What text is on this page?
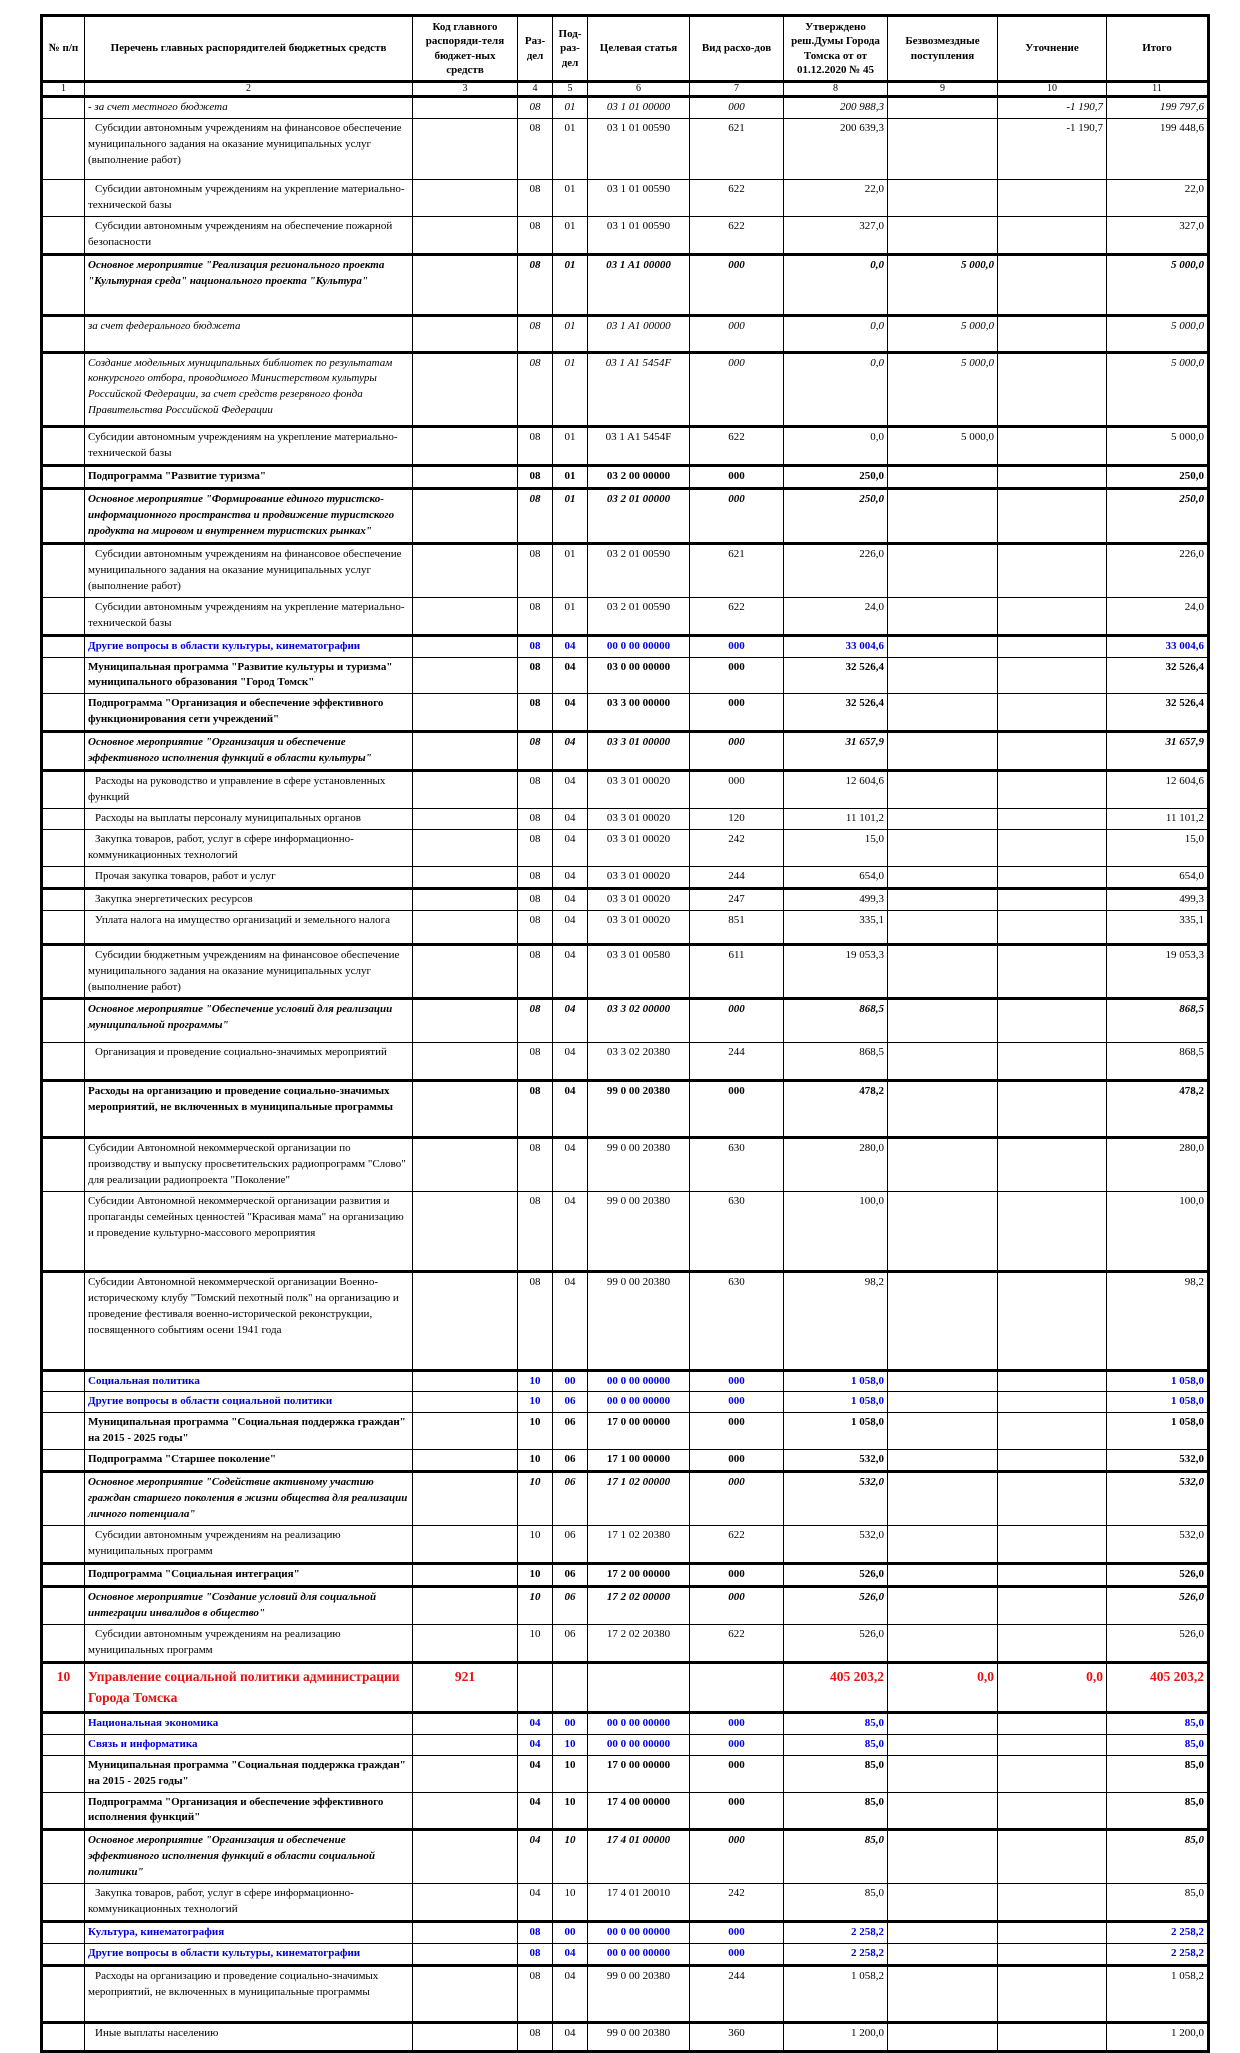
№ п/п	Перечень главных распорядителей бюджетных средств	Код главного распоряди-теля бюджет-ных средств	Раз-дел	Под-раз-дел	Целевая статья	Вид расхо-дов	Утверждено реш.Думы Города Томска от от 01.12.2020 № 45	Безвозмездные поступления	Уточнение	Итого
1	2	3	4	5	6	7	8	9	10	11
	- за счет местного бюджета		08	01	03 1 01 00000	000	200 988,3		-1 190,7	199 797,6
	Субсидии автономным учреждениям на финансовое обеспечение муниципального задания на оказание муниципальных услуг (выполнение работ)		08	01	03 1 01 00590	621	200 639,3		-1 190,7	199 448,6
	Субсидии автономным учреждениям на укрепление материально-технической базы		08	01	03 1 01 00590	622	22,0			22,0
	Субсидии автономным учреждениям на обеспечение пожарной безопасности		08	01	03 1 01 00590	622	327,0			327,0
	Основное мероприятие "Реализация регионального проекта "Культурная среда" национального проекта "Культура"		08	01	03 1 A1 00000	000	0,0	5 000,0		5 000,0
	за счет федерального бюджета		08	01	03 1 A1 00000	000	0,0	5 000,0		5 000,0
	Создание модельных муниципальных библиотек по результатам конкурсного отбора, проводимого Министерством культуры Российской Федерации, за счет средств резервного фонда Правительства Российской Федерации		08	01	03 1 A1 5454F	000	0,0	5 000,0		5 000,0
	Субсидии автономным учреждениям на укрепление материально-технической базы		08	01	03 1 A1 5454F	622	0,0	5 000,0		5 000,0
	Подпрограмма "Развитие туризма"		08	01	03 2 00 00000	000	250,0			250,0
	Основное мероприятие "Формирование единого туристско-информационного пространства и продвижение туристского продукта на мировом и внутреннем туристских рынках"		08	01	03 2 01 00000	000	250,0			250,0
	Субсидии автономным учреждениям на финансовое обеспечение муниципального задания на оказание муниципальных услуг (выполнение работ)		08	01	03 2 01 00590	621	226,0			226,0
	Субсидии автономным учреждениям на укрепление материально-технической базы		08	01	03 2 01 00590	622	24,0			24,0
	Другие вопросы в области культуры, кинематографии		08	04	00 0 00 00000	000	33 004,6			33 004,6
	Муниципальная программа "Развитие культуры и туризма" муниципального образования "Город Томск"		08	04	03 0 00 00000	000	32 526,4			32 526,4
	Подпрограмма "Организация и обеспечение эффективного функционирования сети учреждений"		08	04	03 3 00 00000	000	32 526,4			32 526,4
	Основное мероприятие "Организация и обеспечение эффективного исполнения функций в области культуры"		08	04	03 3 01 00000	000	31 657,9			31 657,9
	Расходы на руководство и управление в сфере установленных функций		08	04	03 3 01 00020	000	12 604,6			12 604,6
	Расходы на выплаты персоналу муниципальных органов		08	04	03 3 01 00020	120	11 101,2			11 101,2
	Закупка товаров, работ, услуг в сфере информационно-коммуникационных технологий		08	04	03 3 01 00020	242	15,0			15,0
	Прочая закупка товаров, работ и услуг		08	04	03 3 01 00020	244	654,0			654,0
	Закупка энергетических ресурсов		08	04	03 3 01 00020	247	499,3			499,3
	Уплата налога на имущество организаций и земельного налога		08	04	03 3 01 00020	851	335,1			335,1
	Субсидии бюджетным учреждениям на финансовое обеспечение муниципального задания на оказание муниципальных услуг (выполнение работ)		08	04	03 3 01 00580	611	19 053,3			19 053,3
	Основное мероприятие "Обеспечение условий для реализации муниципальной программы"		08	04	03 3 02 00000	000	868,5			868,5
	Организация и проведение социально-значимых мероприятий		08	04	03 3 02 20380	244	868,5			868,5
	Расходы на организацию и проведение социально-значимых мероприятий, не включенных в муниципальные программы		08	04	99 0 00 20380	000	478,2			478,2
	Субсидии Автономной некоммерческой организации по производству и выпуску просветительских радиопрограмм "Слово" для реализации радиопроекта "Поколение"		08	04	99 0 00 20380	630	280,0			280,0
	Субсидии Автономной некоммерческой организации развития и пропаганды семейных ценностей "Красивая мама" на организацию и проведение культурно-массового мероприятия		08	04	99 0 00 20380	630	100,0			100,0
	Субсидии Автономной некоммерческой организации Военно-историческому клубу "Томский пехотный полк" на организацию и проведение фестиваля военно-исторической реконструкции, посвященного событиям осени 1941 года		08	04	99 0 00 20380	630	98,2			98,2
	Социальная политика		10	00	00 0 00 00000	000	1 058,0			1 058,0
	Другие вопросы в области социальной политики		10	06	00 0 00 00000	000	1 058,0			1 058,0
	Муниципальная программа "Социальная поддержка граждан" на 2015 - 2025 годы"		10	06	17 0 00 00000	000	1 058,0			1 058,0
	Подпрограмма "Старшее поколение"		10	06	17 1 00 00000	000	532,0			532,0
	Основное мероприятие "Содействие активному участию граждан старшего поколения в жизни общества для реализации личного потенциала"		10	06	17 1 02 00000	000	532,0			532,0
	Субсидии автономным учреждениям на реализацию муниципальных программ		10	06	17 1 02 20380	622	532,0			532,0
	Подпрограмма "Социальная интеграция"		10	06	17 2 00 00000	000	526,0			526,0
	Основное мероприятие "Создание условий для социальной интеграции инвалидов в общество"		10	06	17 2 02 00000	000	526,0			526,0
	Субсидии автономным учреждениям на реализацию муниципальных программ		10	06	17 2 02 20380	622	526,0			526,0
10	Управление социальной политики администрации Города Томска	921					405 203,2	0,0	0,0	405 203,2
	Национальная экономика		04	00	00 0 00 00000	000	85,0			85,0
	Связь и информатика		04	10	00 0 00 00000	000	85,0			85,0
	Муниципальная программа "Социальная поддержка граждан" на 2015 - 2025 годы"		04	10	17 0 00 00000	000	85,0			85,0
	Подпрограмма "Организация и обеспечение эффективного исполнения функций"		04	10	17 4 00 00000	000	85,0			85,0
	Основное мероприятие "Организация и обеспечение эффективного исполнения функций в области социальной политики"		04	10	17 4 01 00000	000	85,0			85,0
	Закупка товаров, работ, услуг в сфере информационно-коммуникационных технологий		04	10	17 4 01 20010	242	85,0			85,0
	Культура, кинематография		08	00	00 0 00 00000	000	2 258,2			2 258,2
	Другие вопросы в области культуры, кинематографии		08	04	00 0 00 00000	000	2 258,2			2 258,2
	Расходы на организацию и проведение социально-значимых мероприятий, не включенных в муниципальные программы		08	04	99 0 00 20380	244	1 058,2			1 058,2
	Иные выплаты населению		08	04	99 0 00 20380	360	1 200,0			1 200,0
